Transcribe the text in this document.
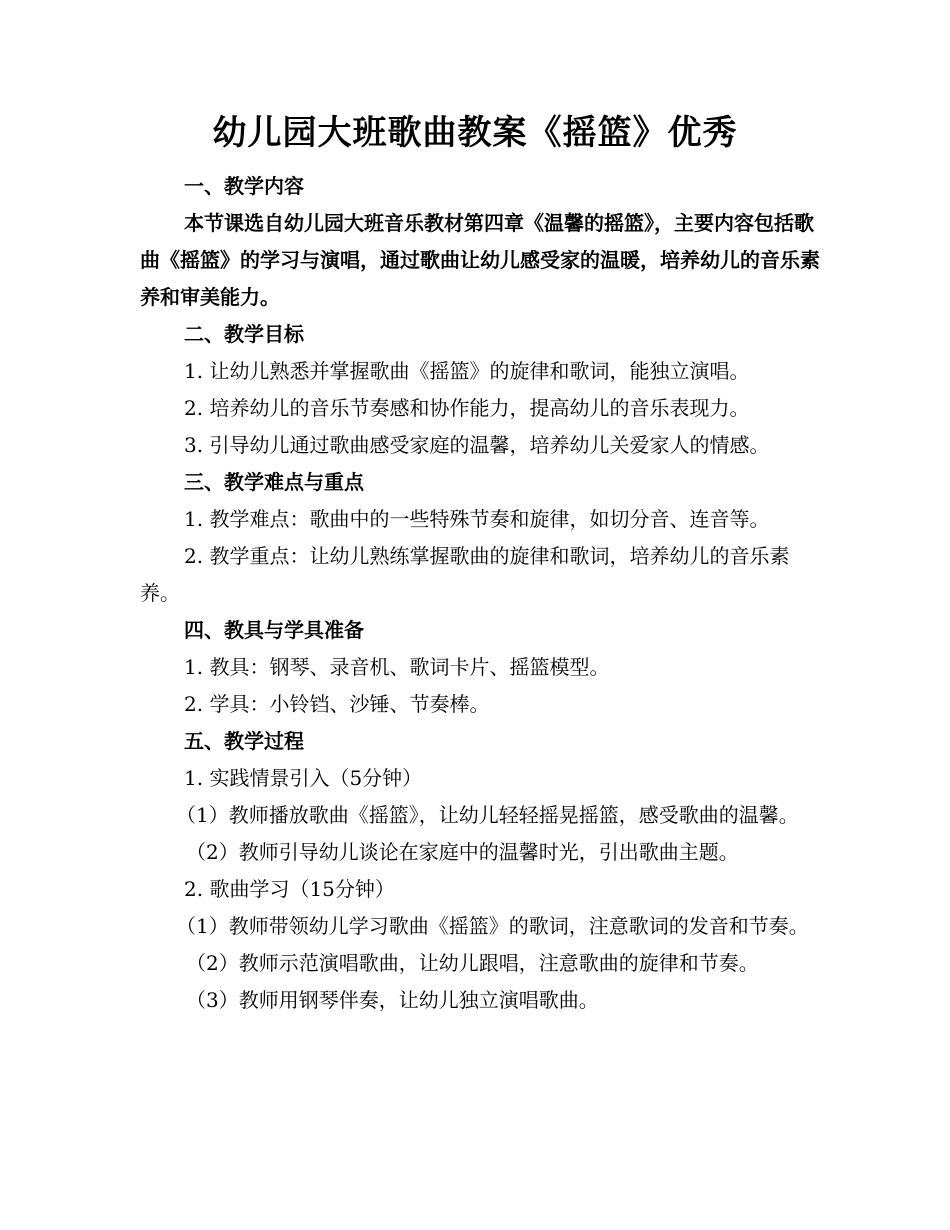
幼儿园大班歌曲教案《摇篮》优秀

一、教学内容

本节课选自幼儿园大班音乐教材第四章《温馨的摇篮》，主要内容包括歌曲《摇篮》的学习与演唱，通过歌曲让幼儿感受家的温暖，培养幼儿的音乐素养和审美能力。

二、教学目标

1. 让幼儿熟悉并掌握歌曲《摇篮》的旋律和歌词，能独立演唱。

2. 培养幼儿的音乐节奏感和协作能力，提高幼儿的音乐表现力。

3. 引导幼儿通过歌曲感受家庭的温馨，培养幼儿关爱家人的情感。

三、教学难点与重点

1. 教学难点：歌曲中的一些特殊节奏和旋律，如切分音、连音等。

2. 教学重点：让幼儿熟练掌握歌曲的旋律和歌词，培养幼儿的音乐素养。

四、教具与学具准备

1. 教具：钢琴、录音机、歌词卡片、摇篮模型。

2. 学具：小铃铛、沙锤、节奏棒。

五、教学过程

1. 实践情景引入（5分钟）

（1）教师播放歌曲《摇篮》，让幼儿轻轻摇晃摇篮，感受歌曲的温馨。

（2）教师引导幼儿谈论在家庭中的温馨时光，引出歌曲主题。

2. 歌曲学习（15分钟）

（1）教师带领幼儿学习歌曲《摇篮》的歌词，注意歌词的发音和节奏。

（2）教师示范演唱歌曲，让幼儿跟唱，注意歌曲的旋律和节奏。

（3）教师用钢琴伴奏，让幼儿独立演唱歌曲。
